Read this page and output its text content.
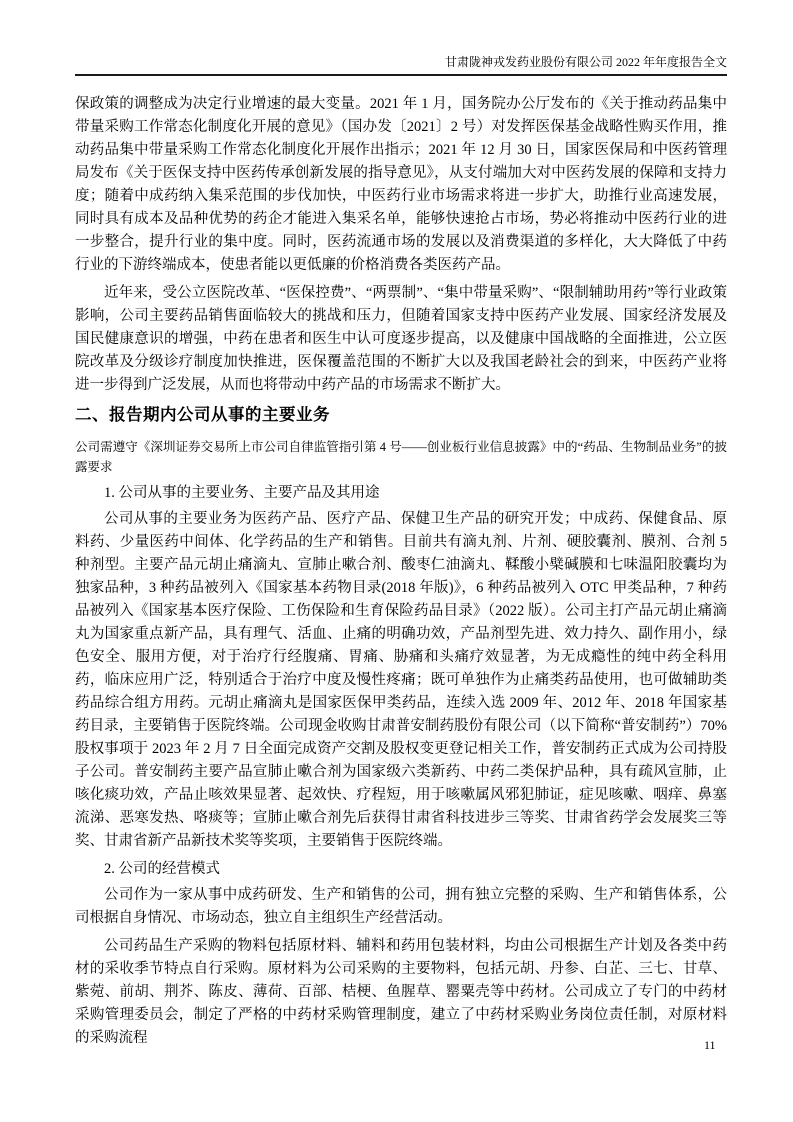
甘肃陇神戎发药业股份有限公司 2022 年年度报告全文

保政策的调整成为决定行业增速的最大变量。2021 年 1 月，国务院办公厅发布的《关于推动药品集中带量采购工作常态化制度化开展的意见》（国办发〔2021〕2 号）对发挥医保基金战略性购买作用，推动药品集中带量采购工作常态化制度化开展作出指示；2021 年 12 月 30 日，国家医保局和中医药管理局发布《关于医保支持中医药传承创新发展的指导意见》，从支付端加大对中医药发展的保障和支持力度；随着中成药纳入集采范围的步伐加快，中医药行业市场需求将进一步扩大，助推行业高速发展，同时具有成本及品种优势的药企才能进入集采名单，能够快速抢占市场，势必将推动中医药行业的进一步整合，提升行业的集中度。同时，医药流通市场的发展以及消费渠道的多样化，大大降低了中药行业的下游终端成本，使患者能以更低廉的价格消费各类医药产品。

近年来，受公立医院改革、“医保控费”、“两票制”、“集中带量采购”、“限制辅助用药”等行业政策影响，公司主要药品销售面临较大的挑战和压力，但随着国家支持中医药产业发展、国家经济发展及国民健康意识的增强，中药在患者和医生中认可度逐步提高，以及健康中国战略的全面推进，公立医院改革及分级诊疗制度加快推进，医保覆盖范围的不断扩大以及我国老龄社会的到来，中医药产业将进一步得到广泛发展，从而也将带动中药产品的市场需求不断扩大。

二、报告期内公司从事的主要业务

公司需遵守《深圳证券交易所上市公司自律监管指引第 4 号——创业板行业信息披露》中的“药品、生物制品业务”的披露要求

1. 公司从事的主要业务、主要产品及其用途

公司从事的主要业务为医药产品、医疗产品、保健卫生产品的研究开发；中成药、保健食品、原料药、少量医药中间体、化学药品的生产和销售。目前共有滴丸剂、片剂、硬胶囊剂、膜剂、合剂 5 种剂型。主要产品元胡止痛滴丸、宣肺止嗽合剂、酸枣仁油滴丸、鞣酸小檗碱膜和七味温阳胶囊均为独家品种，3 种药品被列入《国家基本药物目录(2018 年版)》，6 种药品被列入 OTC 甲类品种，7 种药品被列入《国家基本医疗保险、工伤保险和生育保险药品目录》（2022 版）。公司主打产品元胡止痛滴丸为国家重点新产品，具有理气、活血、止痛的明确功效，产品剂型先进、效力持久、副作用小，绿色安全、服用方便，对于治疗行经腹痛、胃痛、胁痛和头痛疗效显著，为无成瘾性的纯中药全科用药，临床应用广泛，特别适合于治疗中度及慢性疼痛；既可单独作为止痛类药品使用，也可做辅助类药品综合组方用药。元胡止痛滴丸是国家医保甲类药品，连续入选 2009 年、2012 年、2018 年国家基药目录，主要销售于医院终端。公司现金收购甘肃普安制药股份有限公司（以下简称“普安制药”）70%股权事项于 2023 年 2 月 7 日全面完成资产交割及股权变更登记相关工作，普安制药正式成为公司持股子公司。普安制药主要产品宣肺止嗽合剂为国家级六类新药、中药二类保护品种，具有疏风宣肺，止咳化痰功效，产品止咳效果显著、起效快、疗程短，用于咳嗽属风邪犯肺证，症见咳嗽、咽痒、鼻塞流涕、恶寒发热、咯痰等；宣肺止嗽合剂先后获得甘肃省科技进步三等奖、甘肃省药学会发展奖三等奖、甘肃省新产品新技术奖等奖项，主要销售于医院终端。

2. 公司的经营模式

公司作为一家从事中成药研发、生产和销售的公司，拥有独立完整的采购、生产和销售体系，公司根据自身情况、市场动态，独立自主组织生产经营活动。

公司药品生产采购的物料包括原材料、辅料和药用包装材料，均由公司根据生产计划及各类中药材的采收季节特点自行采购。原材料为公司采购的主要物料，包括元胡、丹参、白芷、三七、甘草、紫菀、前胡、荆芥、陈皮、薄荷、百部、桔梗、鱼腥草、罂粟壳等中药材。公司成立了专门的中药材采购管理委员会，制定了严格的中药材采购管理制度，建立了中药材采购业务岗位责任制，对原材料的采购流程	11
